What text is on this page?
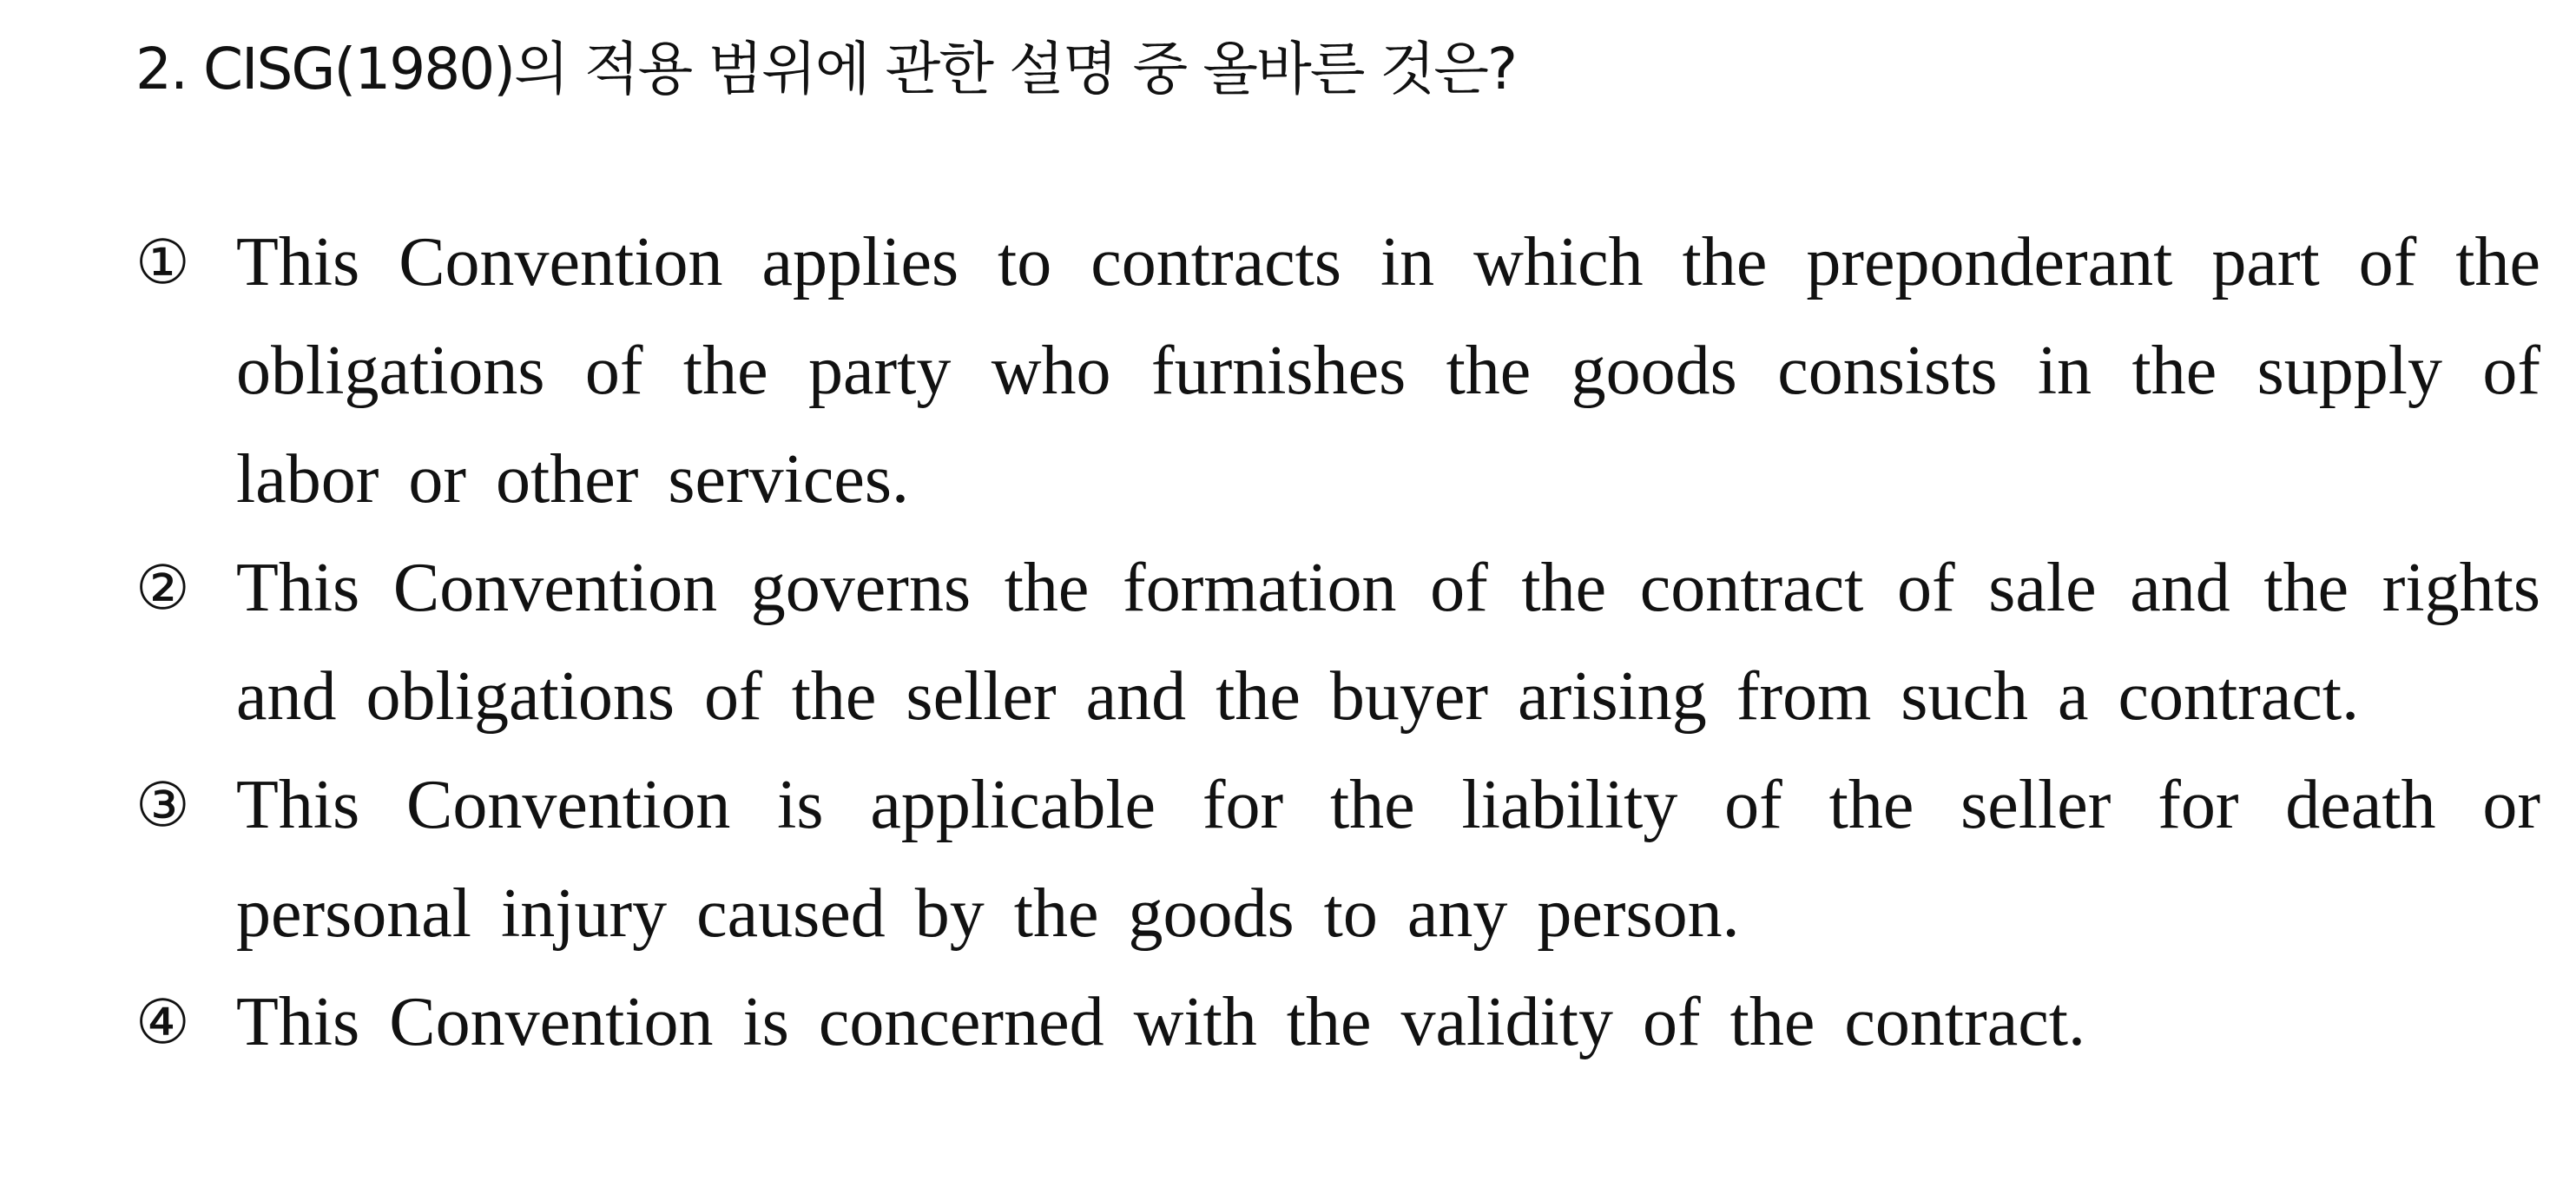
2. CISG(1980)의 적용 범위에 관한 설명 중 올바른 것은?
① This Convention applies to contracts in which the preponderant part of the obligations of the party who furnishes the goods consists in the supply of labor or other services.
② This Convention governs the formation of the contract of sale and the rights and obligations of the seller and the buyer arising from such a contract.
③ This Convention is applicable for the liability of the seller for death or personal injury caused by the goods to any person.
④ This Convention is concerned with the validity of the contract.
